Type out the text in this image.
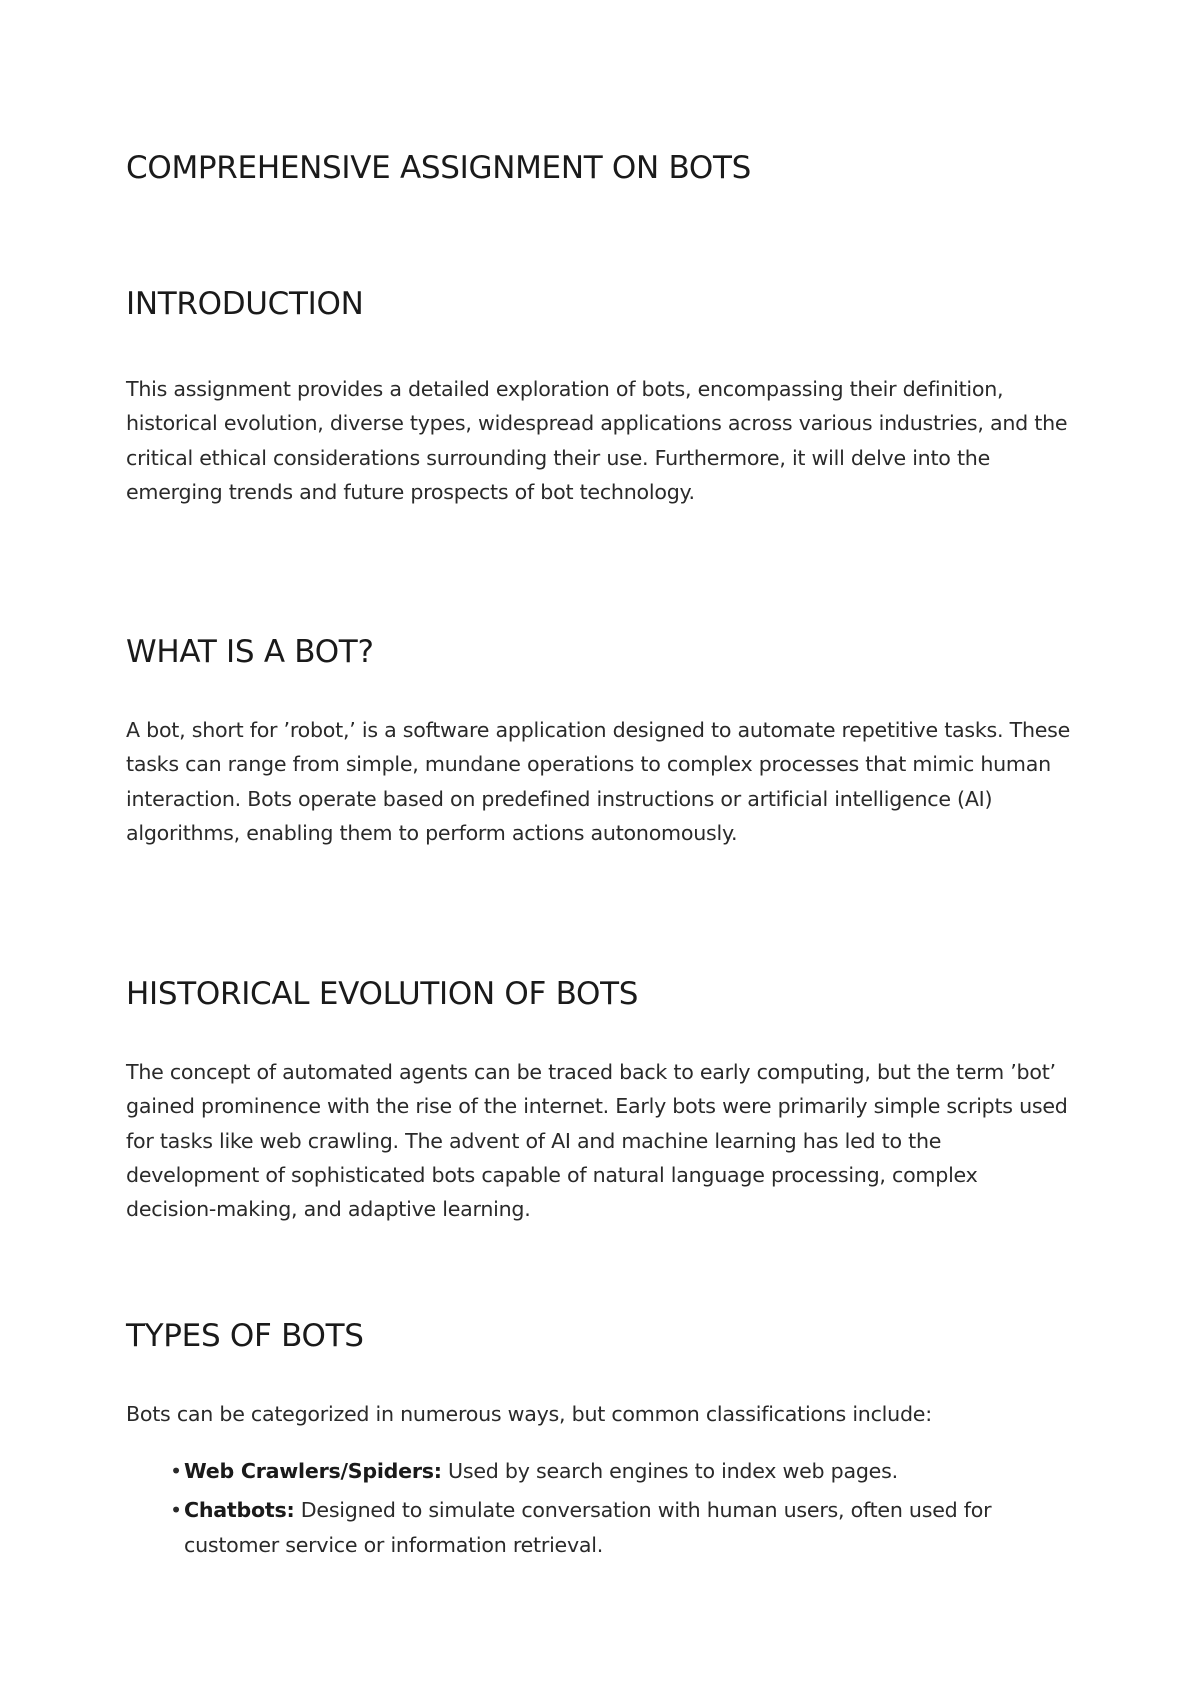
COMPREHENSIVE ASSIGNMENT ON BOTS
INTRODUCTION

This assignment provides a detailed exploration of bots, encompassing their definition, historical evolution, diverse types, widespread applications across various industries, and the critical ethical considerations surrounding their use. Furthermore, it will delve into the emerging trends and future prospects of bot technology.

WHAT IS A BOT?

A bot, short for ’robot,’ is a software application designed to automate repetitive tasks. These tasks can range from simple, mundane operations to complex processes that mimic human interaction. Bots operate based on predefined instructions or artificial intelligence (AI) algorithms, enabling them to perform actions autonomously.

HISTORICAL EVOLUTION OF BOTS

The concept of automated agents can be traced back to early computing, but the term ’bot’ gained prominence with the rise of the internet. Early bots were primarily simple scripts used for tasks like web crawling. The advent of AI and machine learning has led to the development of sophisticated bots capable of natural language processing, complex decision-making, and adaptive learning.

TYPES OF BOTS

Bots can be categorized in numerous ways, but common classifications include:

• Web Crawlers/Spiders: Used by search engines to index web pages.
• Chatbots: Designed to simulate conversation with human users, often used for customer service or information retrieval.
